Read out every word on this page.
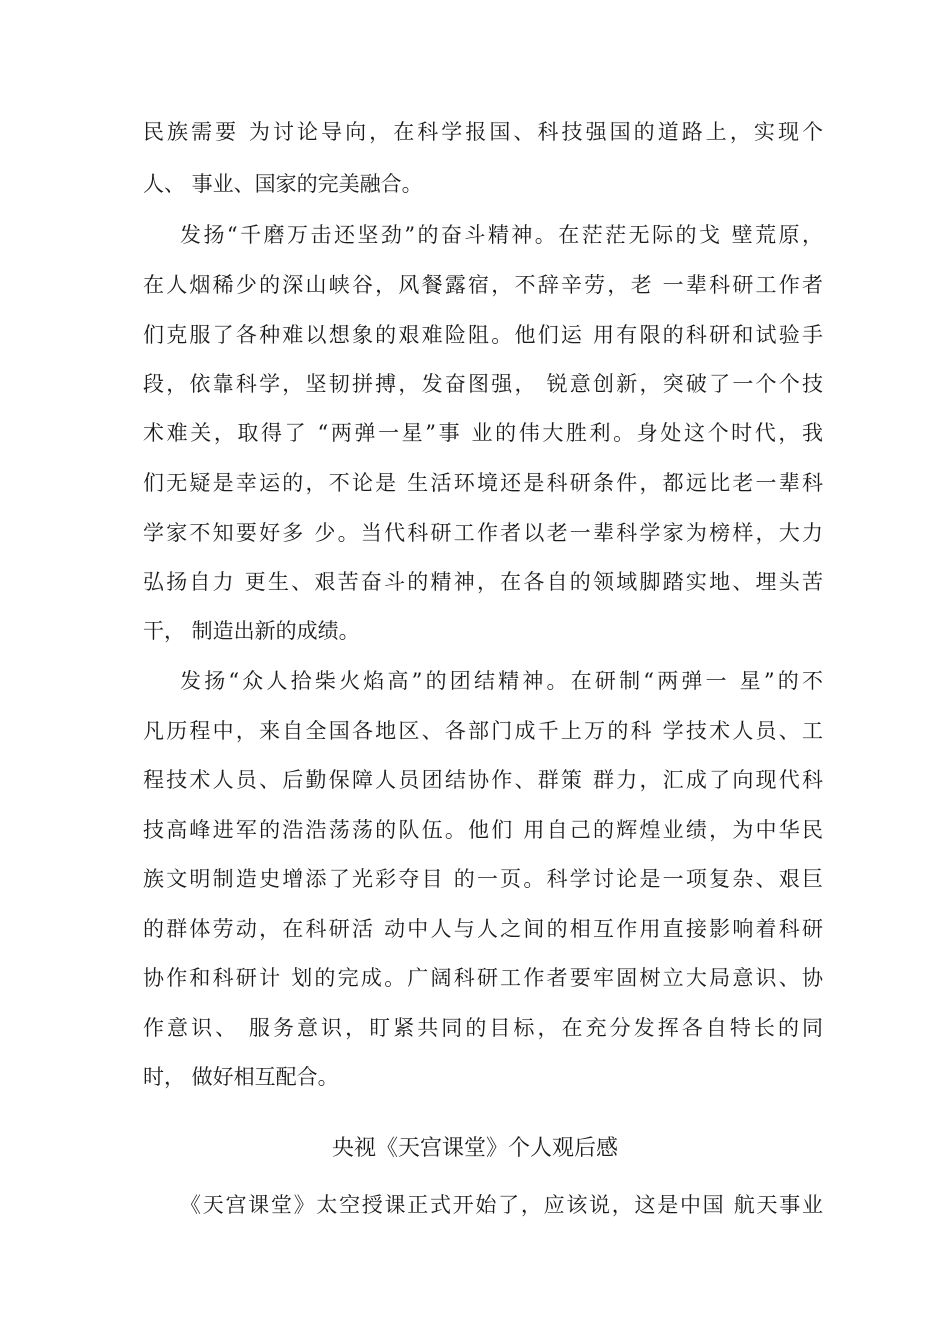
民族需要 为讨论导向，在科学报国、科技强国的道路上，实现个
人、 事业、国家的完美融合。
发扬“千磨万击还坚劲”的奋斗精神。在茫茫无际的戈 壁荒原，
在人烟稀少的深山峡谷，风餐露宿，不辞辛劳，老 一辈科研工作者
们克服了各种难以想象的艰难险阻。他们运 用有限的科研和试验手
段，依靠科学，坚韧拼搏，发奋图强， 锐意创新，突破了一个个技
术难关，取得了 “两弹一星”事 业的伟大胜利。身处这个时代，我
们无疑是幸运的，不论是 生活环境还是科研条件，都远比老一辈科
学家不知要好多 少。当代科研工作者以老一辈科学家为榜样，大力
弘扬自力 更生、艰苦奋斗的精神，在各自的领域脚踏实地、埋头苦
干， 制造出新的成绩。
发扬“众人拾柴火焰高”的团结精神。在研制“两弹一 星”的不
凡历程中，来自全国各地区、各部门成千上万的科 学技术人员、工
程技术人员、后勤保障人员团结协作、群策 群力，汇成了向现代科
技高峰进军的浩浩荡荡的队伍。他们 用自己的辉煌业绩，为中华民
族文明制造史增添了光彩夺目 的一页。科学讨论是一项复杂、艰巨
的群体劳动，在科研活 动中人与人之间的相互作用直接影响着科研
协作和科研计 划的完成。广阔科研工作者要牢固树立大局意识、协
作意识、 服务意识，盯紧共同的目标，在充分发挥各自特长的同
时， 做好相互配合。
央视《天宫课堂》个人观后感
《天宫课堂》太空授课正式开始了，应该说，这是中国 航天事业
